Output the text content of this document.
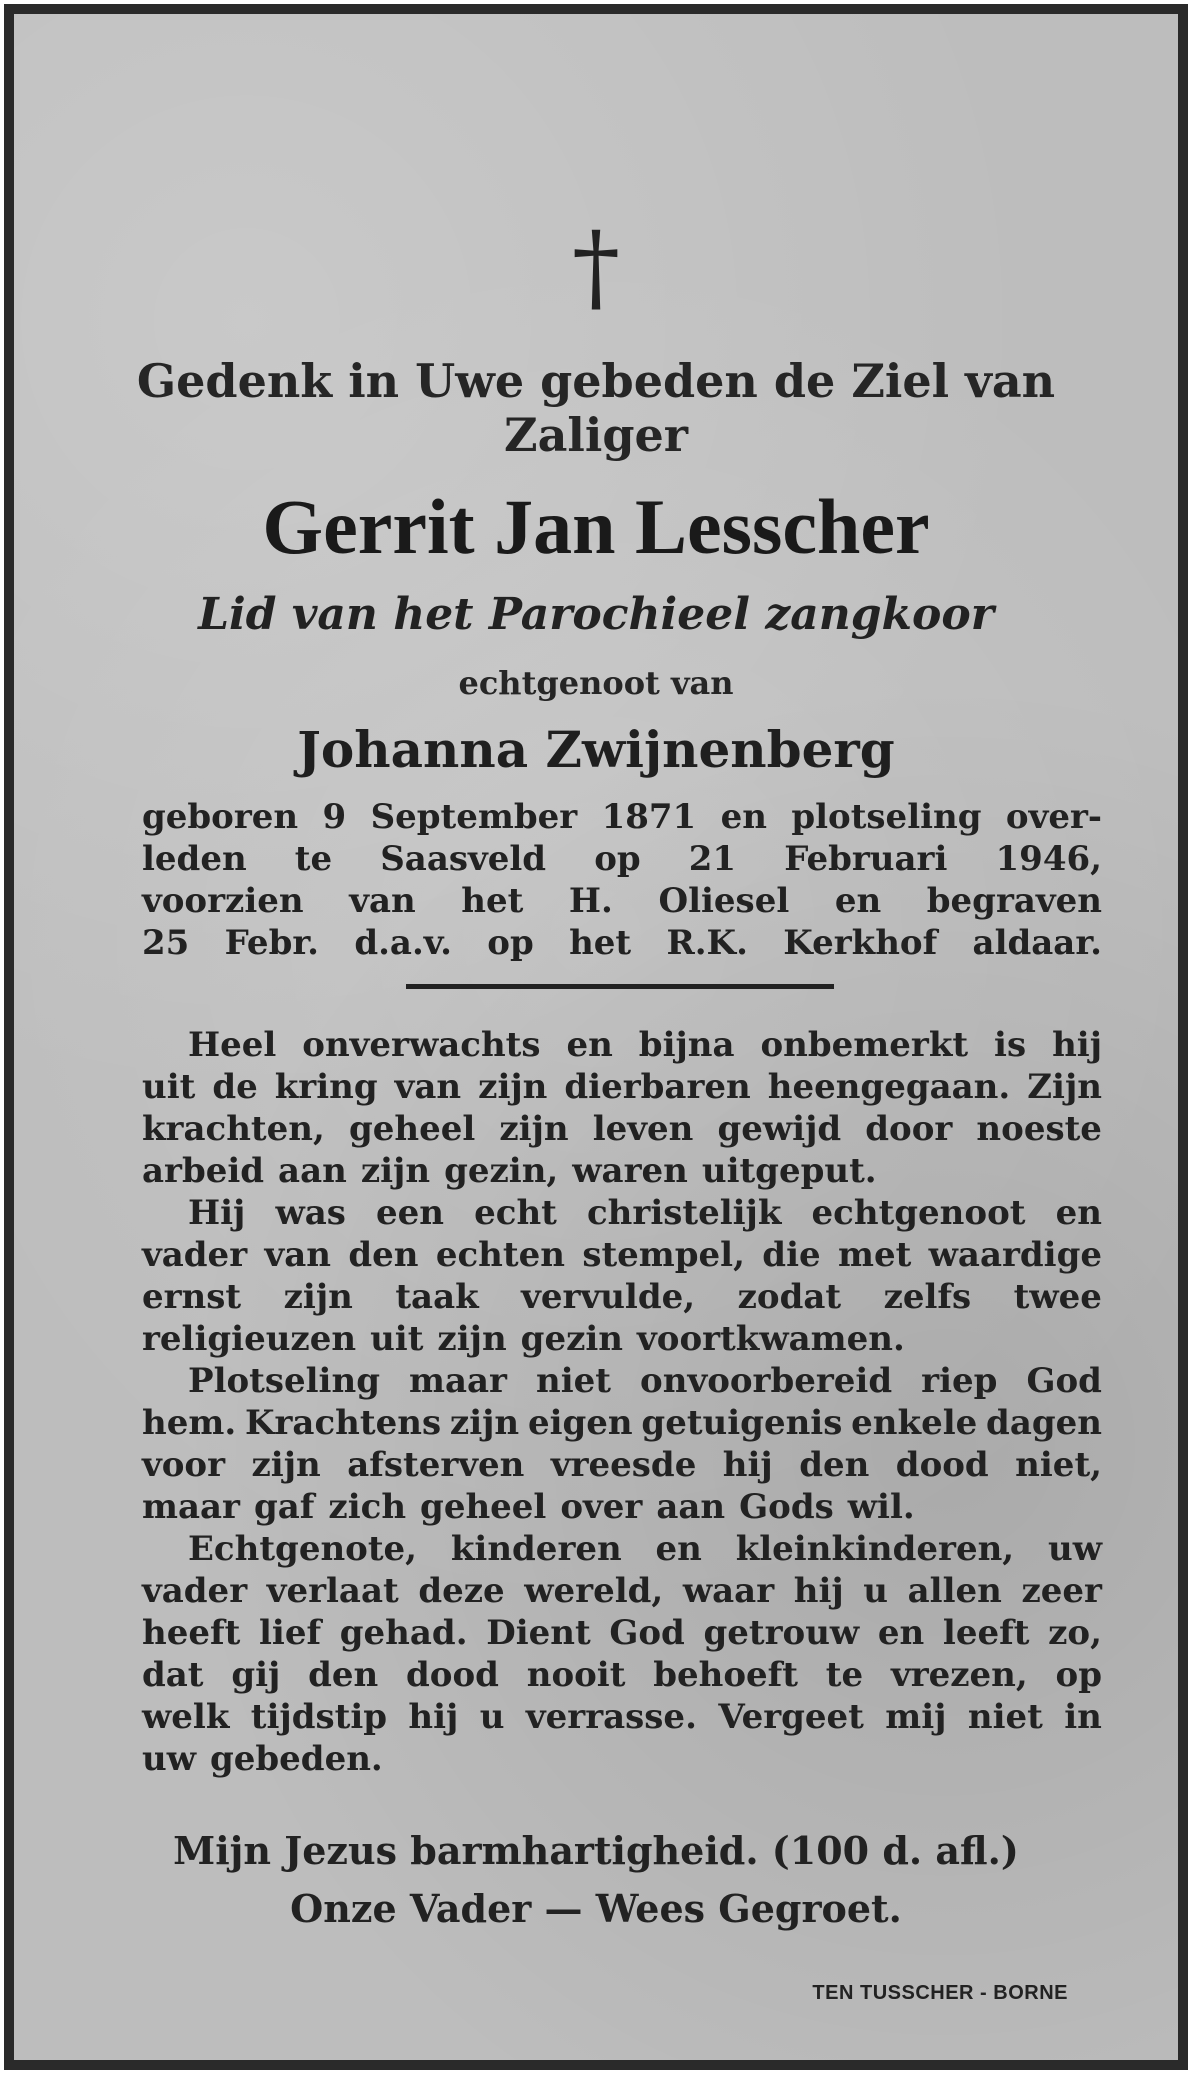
†
Gedenk in Uwe gebeden de Ziel van
Zaliger
Gerrit Jan Lesscher
Lid van het Parochieel zangkoor
echtgenoot van
Johanna Zwijnenberg
geboren 9 September 1871 en plotseling over-
leden te Saasveld op 21 Februari 1946,
voorzien van het H. Oliesel en begraven
25 Febr. d.a.v. op het R.K. Kerkhof aldaar.
Heel onverwachts en bijna onbemerkt is hij
uit de kring van zijn dierbaren heengegaan. Zijn
krachten, geheel zijn leven gewijd door noeste
arbeid aan zijn gezin, waren uitgeput.
Hij was een echt christelijk echtgenoot en
vader van den echten stempel, die met waardige
ernst zijn taak vervulde, zodat zelfs twee
religieuzen uit zijn gezin voortkwamen.
Plotseling maar niet onvoorbereid riep God
hem. Krachtens zijn eigen getuigenis enkele dagen
voor zijn afsterven vreesde hij den dood niet,
maar gaf zich geheel over aan Gods wil.
Echtgenote, kinderen en kleinkinderen, uw
vader verlaat deze wereld, waar hij u allen zeer
heeft lief gehad. Dient God getrouw en leeft zo,
dat gij den dood nooit behoeft te vrezen, op
welk tijdstip hij u verrasse. Vergeet mij niet in
uw gebeden.
Mijn Jezus barmhartigheid. (100 d. afl.)
Onze Vader — Wees Gegroet.
TEN TUSSCHER - BORNE
